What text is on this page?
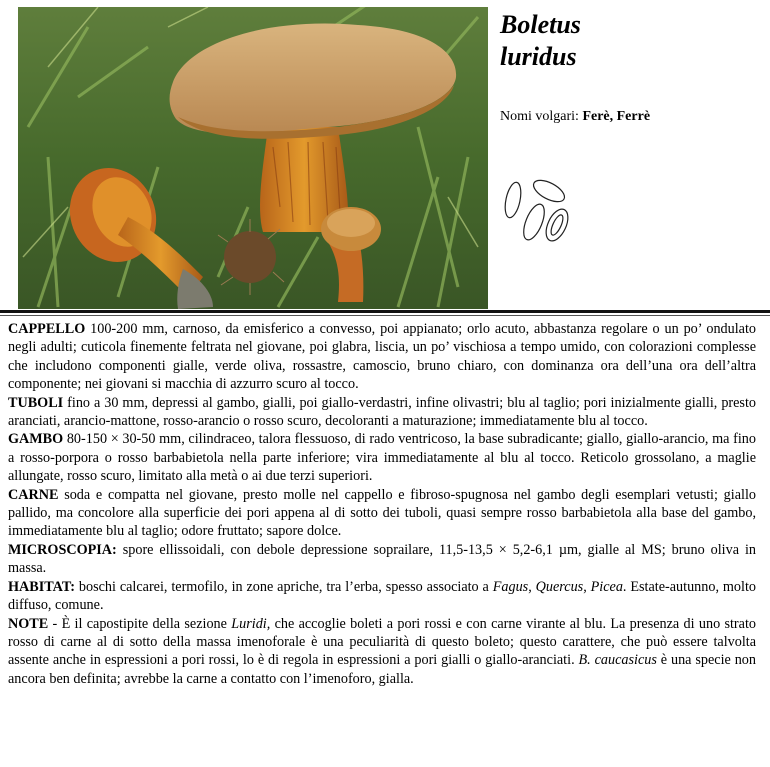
Boletus
luridus
Nomi volgari: Ferè, Ferrè

CAPPELLO 100-200 mm, carnoso, da emisferico a convesso, poi appianato; orlo acuto, abbastanza regolare o un po’ ondulato negli adulti; cuticola finemente feltrata nel giovane, poi glabra, liscia, un po’ vischiosa a tempo umido, con colorazioni complesse che includono componenti gialle, verde oliva, rossastre, camoscio, bruno chiaro, con dominanza ora dell’una ora dell’altra componente; nei giovani si macchia di azzurro scuro al tocco.

TUBOLI fino a 30 mm, depressi al gambo, gialli, poi giallo-verdastri, infine olivastri; blu al taglio; pori inizialmente gialli, presto aranciati, arancio-mattone, rosso-arancio o rosso scuro, decoloranti a maturazione; immediatamente blu al tocco.

GAMBO 80-150 × 30-50 mm, cilindraceo, talora flessuoso, di rado ventricoso, la base subradicante; giallo, giallo-arancio, ma fino a rosso-porpora o rosso barbabietola nella parte inferiore; vira immediatamente al blu al tocco. Reticolo grossolano, a maglie allungate, rosso scuro, limitato alla metà o ai due terzi superiori.

CARNE soda e compatta nel giovane, presto molle nel cappello e fibroso-spugnosa nel gambo degli esemplari vetusti; giallo pallido, ma concolore alla superficie dei pori appena al di sotto dei tuboli, quasi sempre rosso barbabietola alla base del gambo, immediatamente blu al taglio; odore fruttato; sapore dolce.

MICROSCOPIA: spore ellissoidali, con debole depressione soprailare, 11,5-13,5 × 5,2-6,1 µm, gialle al MS; bruno oliva in massa.

HABITAT: boschi calcarei, termofilo, in zone apriche, tra l’erba, spesso associato a Fagus, Quercus, Picea. Estate-autunno, molto diffuso, comune.

NOTE - È il capostipite della sezione Luridi, che accoglie boleti a pori rossi e con carne virante al blu. La presenza di uno strato rosso di carne al di sotto della massa imenoforale è una peculiarità di questo boleto; questo carattere, che può essere talvolta assente anche in espressioni a pori rossi, lo è di regola in espressioni a pori gialli o giallo-aranciati. B. caucasicus è una specie non ancora ben definita; avrebbe la carne a contatto con l’imenoforo, gialla.
